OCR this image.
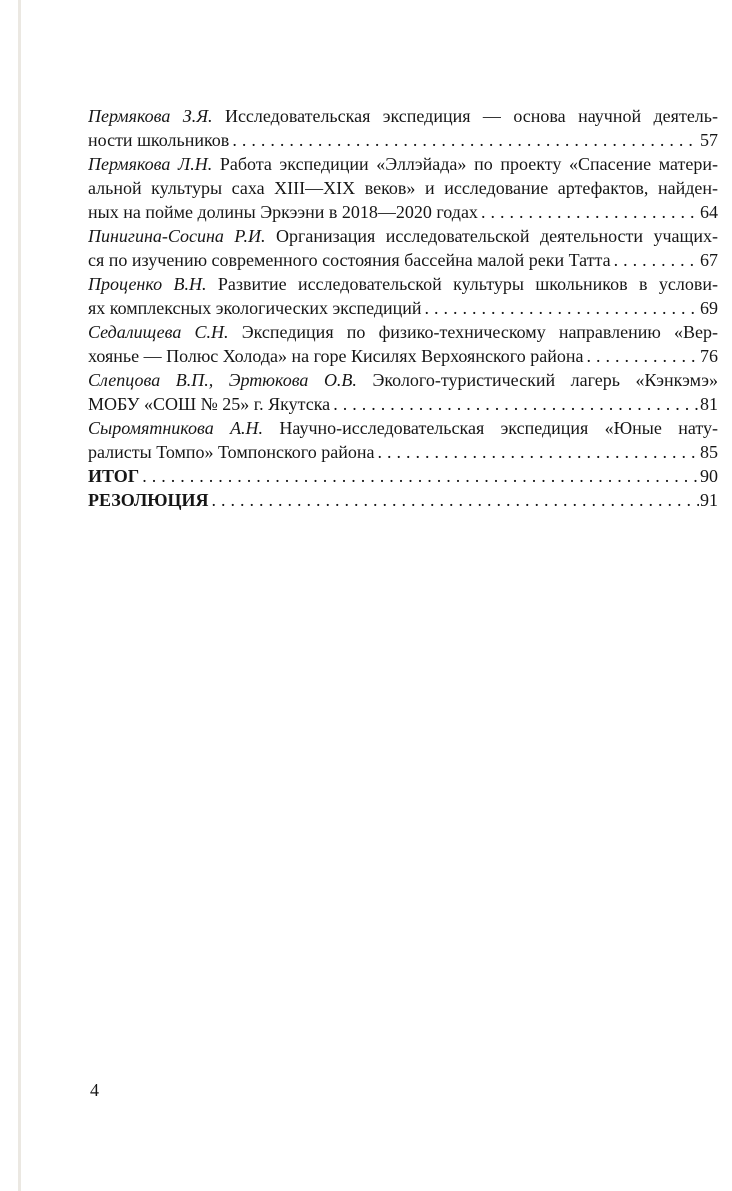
Пермякова З.Я. Исследовательская экспедиция — основа научной деятель-

ности школьников .....	57

Пермякова Л.Н. Работа экспедиции «Эллэйада» по проекту «Спасение матери-

альной культуры саха XIII—XIX веков» и исследование артефактов, найден-

ных на пойме долины Эркээни в 2018—2020 годах .....	64

Пинигина-Сосина Р.И. Организация исследовательской деятельности учащих-

ся по изучению современного состояния бассейна малой реки Татта .....	67

Проценко В.Н. Развитие исследовательской культуры школьников в услови-

ях комплексных экологических экспедиций .....	69

Седалищева С.Н. Экспедиция по физико-техническому направлению «Вер-

хоянье — Полюс Холода» на горе Кисилях Верхоянского района .....	76

Слепцова В.П., Эртюкова О.В. Эколого-туристический лагерь «Кэнкэмэ»

МОБУ «СОШ № 25» г. Якутска .....	81

Сыромятникова А.Н. Научно-исследовательская экспедиция «Юные нату-

ралисты Томпо» Томпонского района .....	85

ИТОГ .....	90

РЕЗОЛЮЦИЯ .....	91

4
